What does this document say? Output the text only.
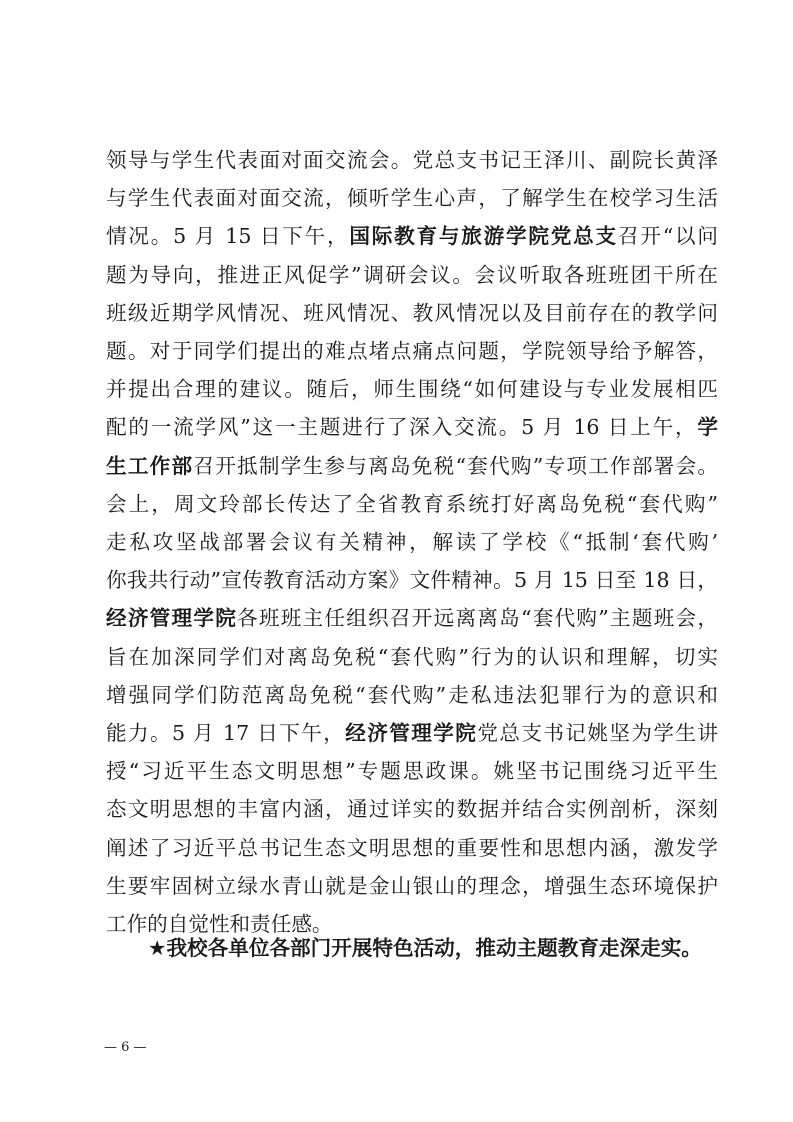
领导与学生代表面对面交流会。党总支书记王泽川、副院长黄泽
与学生代表面对面交流，倾听学生心声，了解学生在校学习生活
情况。5 月 15 日下午，国际教育与旅游学院党总支召开“以问
题为导向，推进正风促学”调研会议。会议听取各班班团干所在
班级近期学风情况、班风情况、教风情况以及目前存在的教学问
题。对于同学们提出的难点堵点痛点问题，学院领导给予解答，
并提出合理的建议。随后，师生围绕“如何建设与专业发展相匹
配的一流学风”这一主题进行了深入交流。5 月 16 日上午，学
生工作部召开抵制学生参与离岛免税“套代购”专项工作部署会。
会上，周文玲部长传达了全省教育系统打好离岛免税“套代购”
走私攻坚战部署会议有关精神，解读了学校《“抵制‘套代购’
你我共行动”宣传教育活动方案》文件精神。5 月 15 日至 18 日，
经济管理学院各班班主任组织召开远离离岛“套代购”主题班会，
旨在加深同学们对离岛免税“套代购”行为的认识和理解，切实
增强同学们防范离岛免税“套代购”走私违法犯罪行为的意识和
能力。5 月 17 日下午，经济管理学院党总支书记姚坚为学生讲
授“习近平生态文明思想”专题思政课。姚坚书记围绕习近平生
态文明思想的丰富内涵，通过详实的数据并结合实例剖析，深刻
阐述了习近平总书记生态文明思想的重要性和思想内涵，激发学
生要牢固树立绿水青山就是金山银山的理念，增强生态环境保护
工作的自觉性和责任感。
★我校各单位各部门开展特色活动，推动主题教育走深走实。
— 6 —
